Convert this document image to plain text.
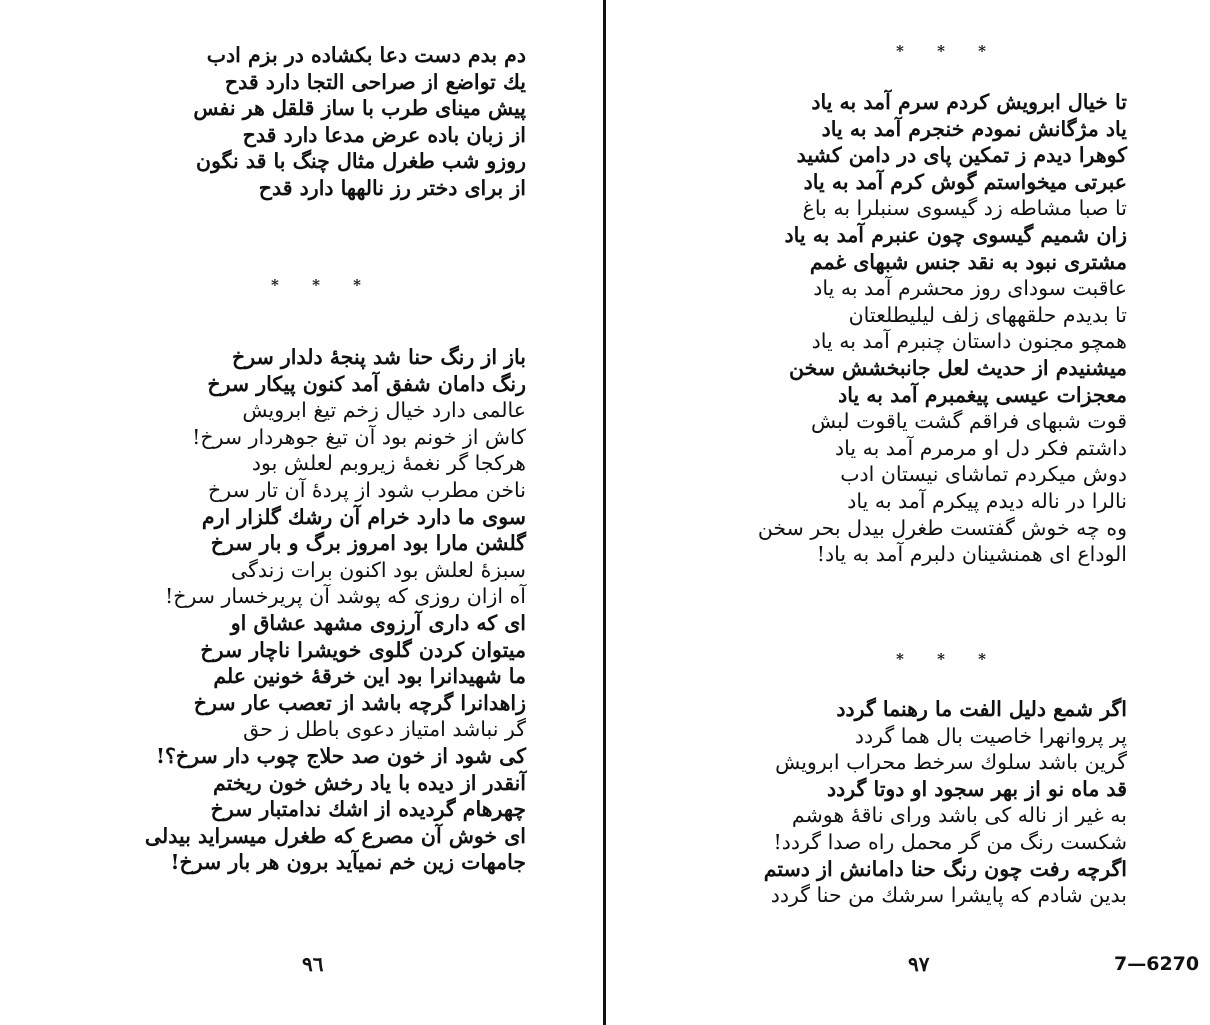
دم بدم دست دعا بکشاده در بزم ادب
یك تواضع از صراحی التجا دارد قدح
پیش مینای طرب با ساز قلقل هر نفس
از زبان باده عرض مدعا دارد قدح
روزو شب طغرل مثال چنگ با قد نگون
از برای دختر رز نالهها دارد قدح
* * *
باز از رنگ حنا شد پنجهٔ دلدار سرخ
رنگ دامان شفق آمد کنون پیکار سرخ
عالمی دارد خیال زخم تیغ ابرویش
کاش از خونم بود آن تیغ جوهردار سرخ!
هرکجا گر نغمهٔ زیروبم لعلش بود
ناخن مطرب شود از پردهٔ آن تار سرخ
سوی ما دارد خرام آن رشك گلزار ارم
گلشن مارا بود امروز برگ و بار سرخ
سبزهٔ لعلش بود اکنون برات زندگی
آه ازان روزی که پوشد آن پریرخسار سرخ!
ای که داری آرزوی مشهد عشاق او
میتوان کردن گلوی خویشرا ناچار سرخ
ما شهیدانرا بود این خرقهٔ خونین علم
زاهدانرا گرچه باشد از تعصب عار سرخ
گر نباشد امتیاز دعوی باطل ز حق
کی شود از خون صد حلاج چوب دار سرخ؟!
آنقدر از دیده با یاد رخش خون ریختم
چهرهام گردیده از اشك ندامتبار سرخ
ای خوش آن مصرع که طغرل میسراید بیدلی
جامهات زین خم نمیآید برون هر بار سرخ!
۹٦
* * *
تا خیال ابرویش کردم سرم آمد به یاد
یاد مژگانش نمودم خنجرم آمد به یاد
کوهرا دیدم ز تمکین پای در دامن کشید
عبرتی میخواستم گوش کرم آمد به یاد
تا صبا مشاطه زد گیسوی سنبلرا به باغ
زان شمیم گیسوی چون عنبرم آمد به یاد
مشتری نبود به نقد جنس شبهای غمم
عاقبت سودای روز محشرم آمد به یاد
تا بدیدم حلقههای زلف لیلیطلعتان
همچو مجنون داستان چنبرم آمد به یاد
میشنیدم از حدیث لعل جانبخشش سخن
معجزات عیسی پیغمبرم آمد به یاد
قوت شبهای فراقم گشت یاقوت لبش
داشتم فکر دل او مرمرم آمد به یاد
دوش میکردم تماشای نیستان ادب
نالرا در ناله دیدم پیکرم آمد به یاد
وه چه خوش گفتست طغرل بیدل بحر سخن
الوداع ای همنشینان دلبرم آمد به یاد!
* * *
اگر شمع دلیل الفت ما رهنما گردد
پر پروانهرا خاصیت بال هما گردد
گرین باشد سلوك سرخط محراب ابرویش
قد ماه نو از بهر سجود او دوتا گردد
به غیر از ناله کی باشد ورای ناقهٔ هوشم
شکست رنگ من گر محمل راه صدا گردد!
اگرچه رفت چون رنگ حنا دامانش از دستم
بدین شادم که پایشرا سرشك من حنا گردد
۹۷	7—6270
